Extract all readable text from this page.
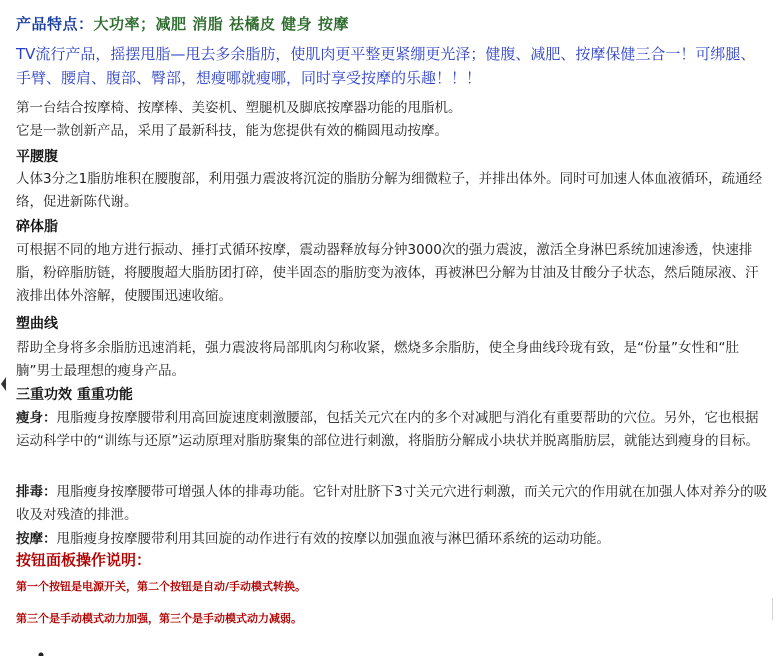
产品特点：大功率；减肥 消脂 祛橘皮 健身 按摩
TV流行产品，摇摆甩脂—甩去多余脂肪，使肌肉更平整更紧绷更光泽；健腹、减肥、按摩保健三合一！可绑腿、手臂、腰肩、腹部、臀部，想瘦哪就瘦哪，同时享受按摩的乐趣！！！
第一台结合按摩椅、按摩棒、美姿机、塑腿机及脚底按摩器功能的甩脂机。
它是一款创新产品，采用了最新科技，能为您提供有效的椭圆甩动按摩。
平腰腹
人体3分之1脂肪堆积在腰腹部，利用强力震波将沉淀的脂肪分解为细微粒子，并排出体外。同时可加速人体血液循环，疏通经络，促进新陈代谢。
碎体脂
可根据不同的地方进行振动、捶打式循环按摩，震动器释放每分钟3000次的强力震波，激活全身淋巴系统加速渗透，快速排脂，粉碎脂肪链，将腰腹超大脂肪团打碎，使半固态的脂肪变为液体，再被淋巴分解为甘油及甘酸分子状态，然后随尿液、汗液排出体外溶解，使腰围迅速收缩。
塑曲线
帮助全身将多余脂肪迅速消耗，强力震波将局部肌肉匀称收紧，燃烧多余脂肪，使全身曲线玲珑有致，是“份量”女性和“肚腩”男士最理想的瘦身产品。
三重功效 重重功能
瘦身：甩脂瘦身按摩腰带利用高回旋速度刺激腰部，包括关元穴在内的多个对减肥与消化有重要帮助的穴位。另外，它也根据运动科学中的“训练与还原”运动原理对脂肪聚集的部位进行刺激，将脂肪分解成小块状并脱离脂肪层，就能达到瘦身的目标。
排毒：甩脂瘦身按摩腰带可增强人体的排毒功能。它针对肚脐下3寸关元穴进行刺激，而关元穴的作用就在加强人体对养分的吸收及对残渣的排泄。
按摩：甩脂瘦身按摩腰带利用其回旋的动作进行有效的按摩以加强血液与淋巴循环系统的运动功能。
按钮面板操作说明：
第一个按钮是电源开关，第二个按钮是自动/手动模式转换。
第三个是手动模式动力加强，第三个是手动模式动力减弱。
